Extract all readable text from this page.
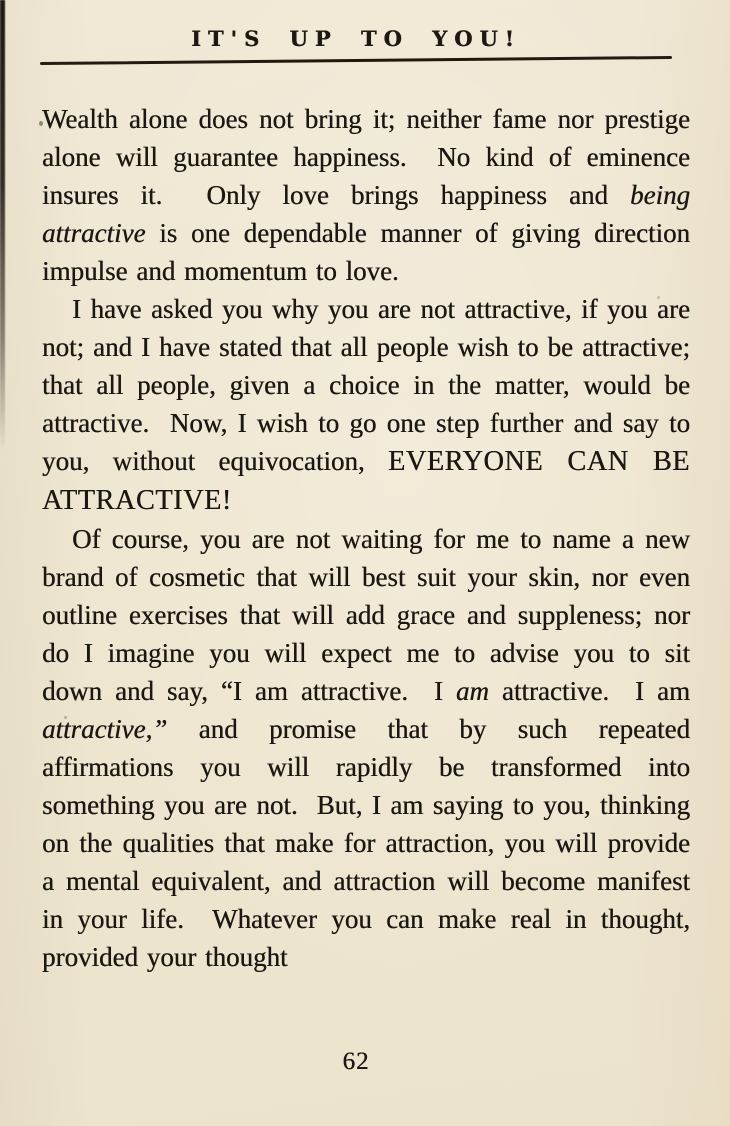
IT'S UP TO YOU!

Wealth alone does not bring it; neither fame nor prestige alone will guarantee happiness.  No kind of eminence insures it.  Only love brings happiness and being attractive is one dependable manner of giving direction impulse and momentum to love.

I have asked you why you are not attractive, if you are not; and I have stated that all people wish to be attractive; that all people, given a choice in the matter, would be attractive.  Now, I wish to go one step further and say to you, without equivocation, EVERYONE CAN BE ATTRACTIVE!

Of course, you are not waiting for me to name a new brand of cosmetic that will best suit your skin, nor even outline exercises that will add grace and suppleness; nor do I imagine you will expect me to advise you to sit down and say, “I am attractive.  I am attractive.  I am attractive,” and promise that by such repeated affirmations you will rapidly be transformed into something you are not.  But, I am saying to you, thinking on the qualities that make for attraction, you will provide a mental equivalent, and attraction will become manifest in your life.  Whatever you can make real in thought, provided your thought

62
